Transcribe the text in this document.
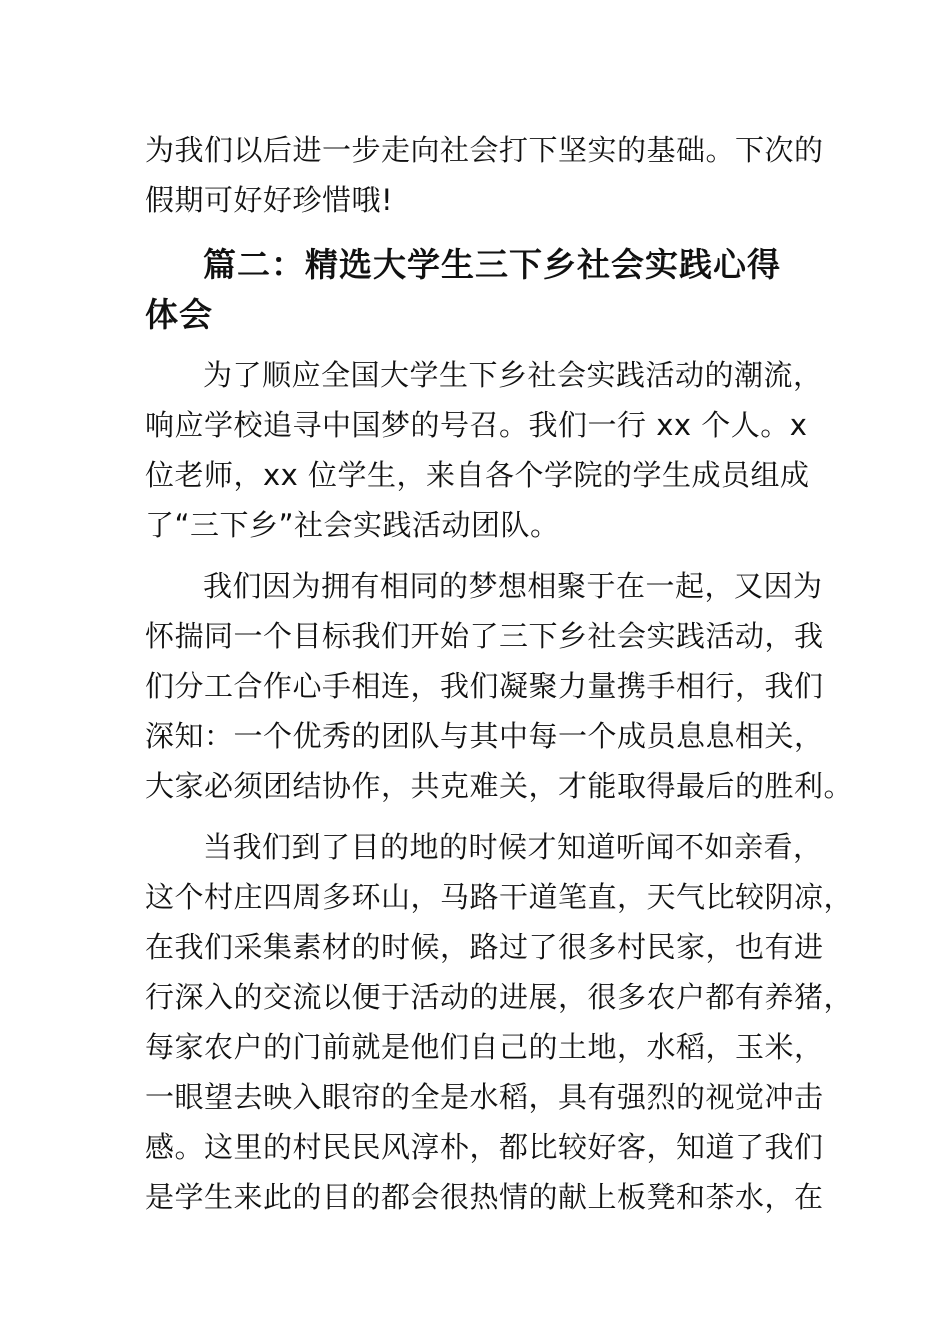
为我们以后进一步走向社会打下坚实的基础。下次的
假期可好好珍惜哦!
篇二：精选大学生三下乡社会实践心得
体会
为了顺应全国大学生下乡社会实践活动的潮流，
响应学校追寻中国梦的号召。我们一行 xx 个人。x
位老师，xx 位学生，来自各个学院的学生成员组成
了“三下乡”社会实践活动团队。
我们因为拥有相同的梦想相聚于在一起，又因为
怀揣同一个目标我们开始了三下乡社会实践活动，我
们分工合作心手相连，我们凝聚力量携手相行，我们
深知：一个优秀的团队与其中每一个成员息息相关，
大家必须团结协作，共克难关，才能取得最后的胜利。
当我们到了目的地的时候才知道听闻不如亲看，
这个村庄四周多环山，马路干道笔直，天气比较阴凉，
在我们采集素材的时候，路过了很多村民家，也有进
行深入的交流以便于活动的进展，很多农户都有养猪，
每家农户的门前就是他们自己的土地，水稻，玉米，
一眼望去映入眼帘的全是水稻，具有强烈的视觉冲击
感。这里的村民民风淳朴，都比较好客，知道了我们
是学生来此的目的都会很热情的献上板凳和茶水，在
